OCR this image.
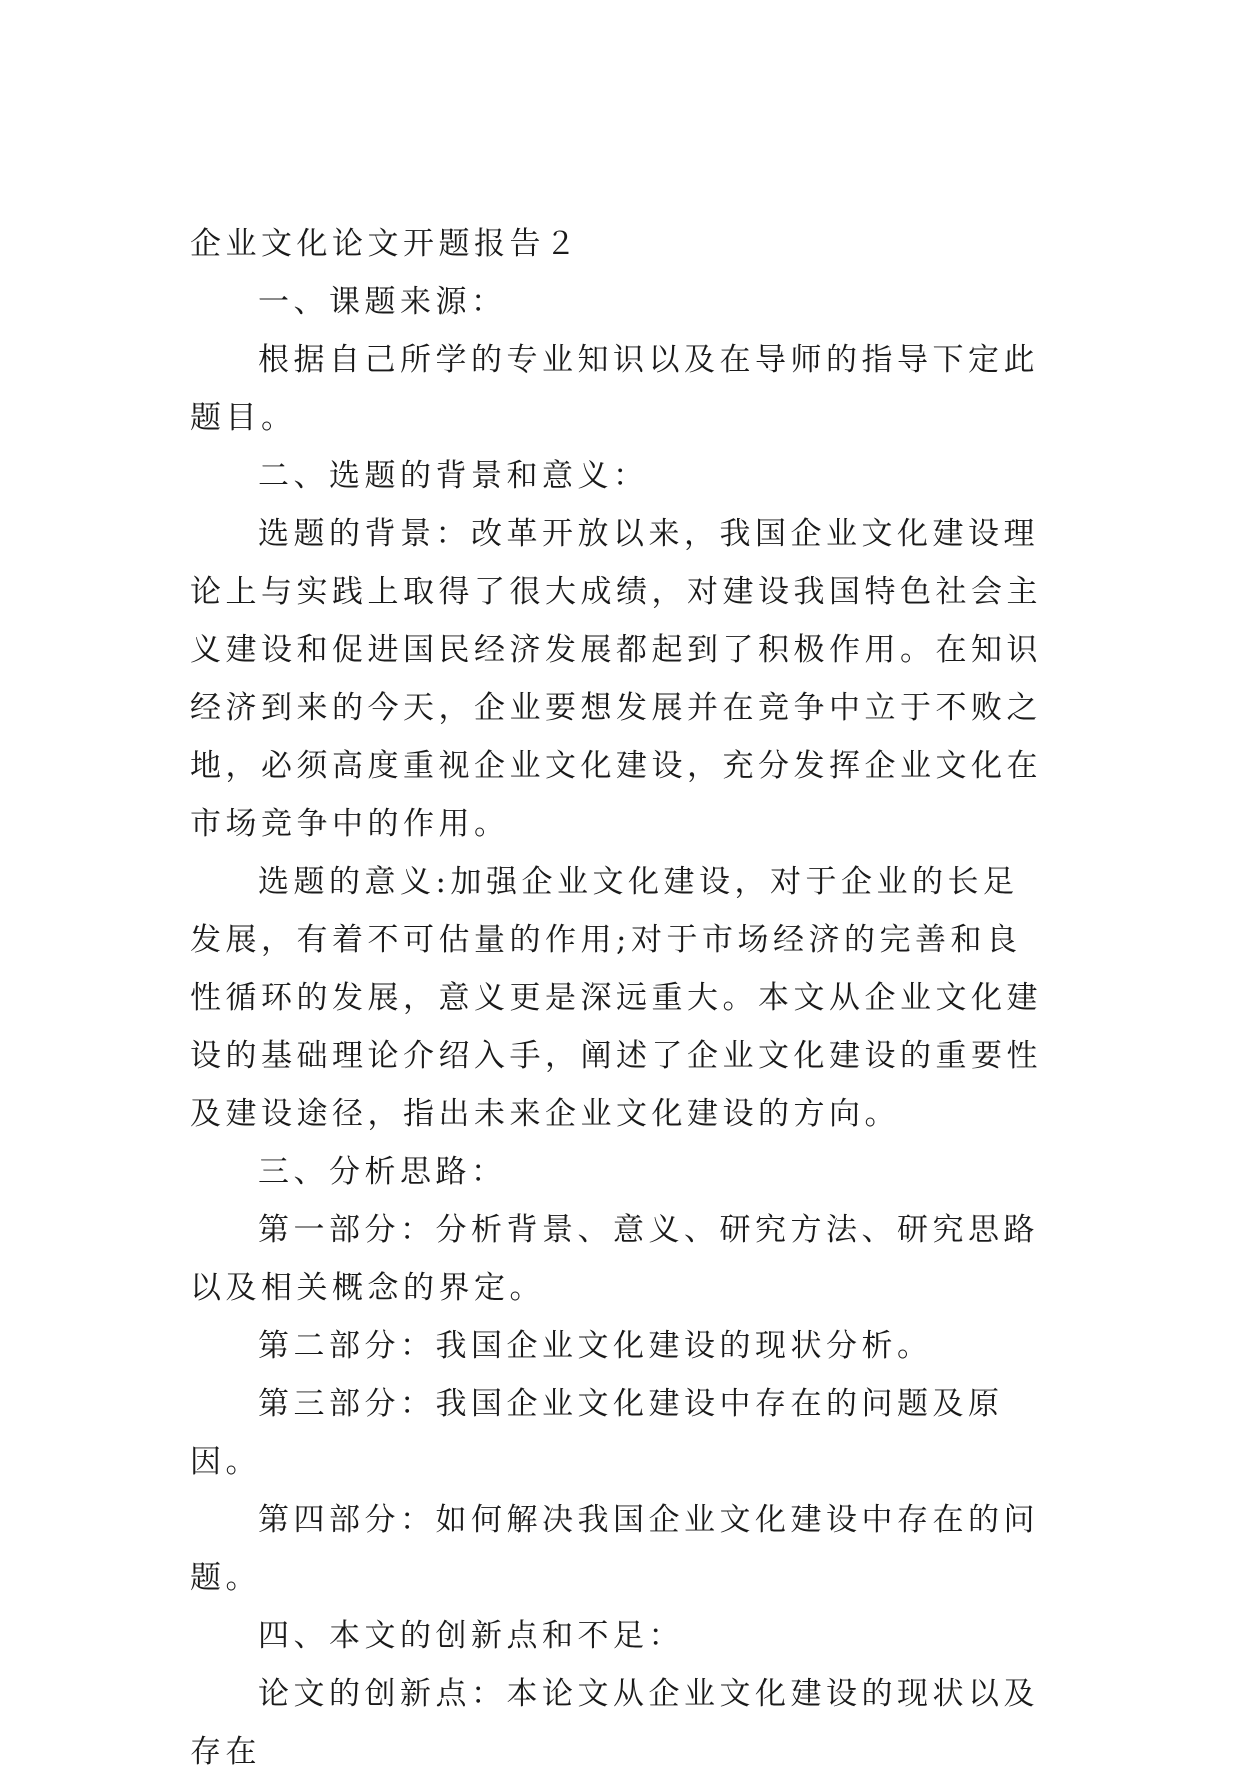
企业文化论文开题报告２

一、课题来源：

根据自己所学的专业知识以及在导师的指导下定此题目。

二、选题的背景和意义：

选题的背景：改革开放以来，我国企业文化建设理论上与实践上取得了很大成绩，对建设我国特色社会主义建设和促进国民经济发展都起到了积极作用。在知识经济到来的今天，企业要想发展并在竞争中立于不败之地，必须高度重视企业文化建设，充分发挥企业文化在市场竞争中的作用。

选题的意义:加强企业文化建设，对于企业的长足发展，有着不可估量的作用;对于市场经济的完善和良性循环的发展，意义更是深远重大。本文从企业文化建设的基础理论介绍入手，阐述了企业文化建设的重要性及建设途径，指出未来企业文化建设的方向。

三、分析思路：

第一部分：分析背景、意义、研究方法、研究思路以及相关概念的界定。

第二部分：我国企业文化建设的现状分析。

第三部分：我国企业文化建设中存在的问题及原因。

第四部分：如何解决我国企业文化建设中存在的问题。

四、本文的创新点和不足：

论文的创新点：本论文从企业文化建设的现状以及存在
